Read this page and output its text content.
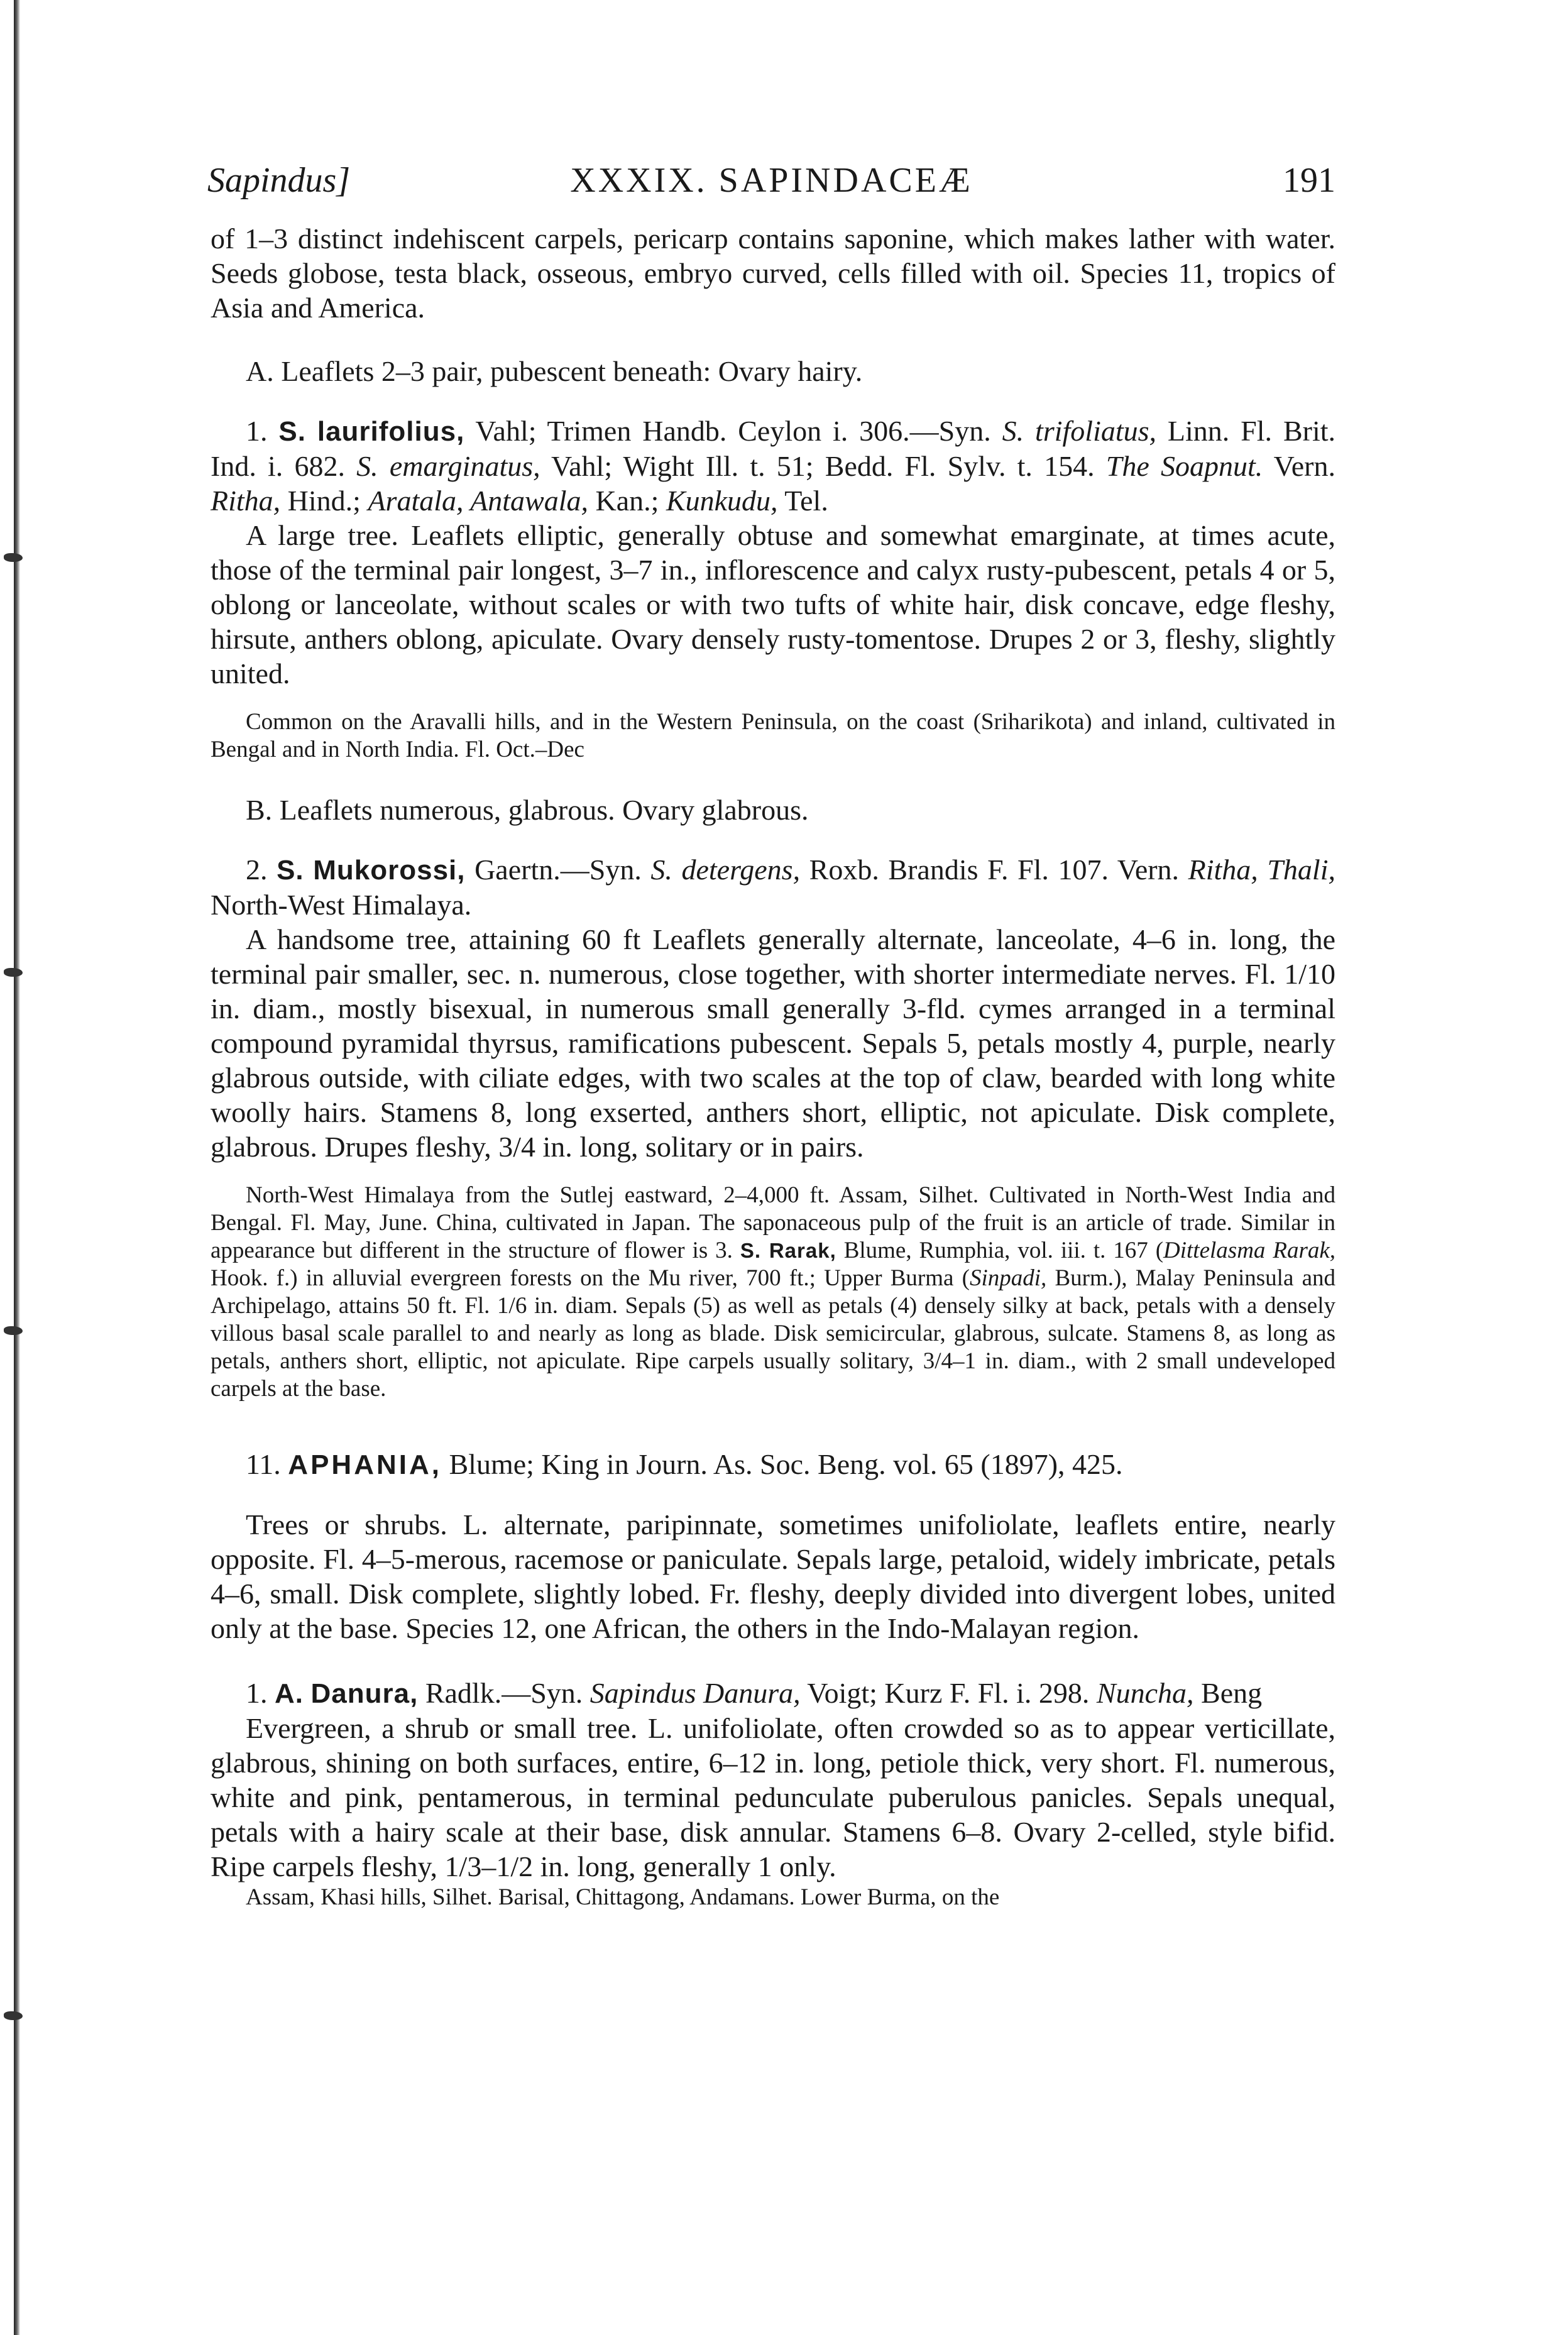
Sapindus]	XXXIX. SAPINDACEÆ	191

of 1–3 distinct indehiscent carpels, pericarp contains saponine, which makes lather with water. Seeds globose, testa black, osseous, embryo curved, cells filled with oil. Species 11, tropics of Asia and America.

A. Leaflets 2–3 pair, pubescent beneath: Ovary hairy.

1. S. laurifolius, Vahl; Trimen Handb. Ceylon i. 306.—Syn. S. trifoliatus, Linn. Fl. Brit. Ind. i. 682. S. emarginatus, Vahl; Wight Ill. t. 51; Bedd. Fl. Sylv. t. 154. The Soapnut. Vern. Ritha, Hind.; Aratala, Antawala, Kan.; Kunkudu, Tel.

A large tree. Leaflets elliptic, generally obtuse and somewhat emarginate, at times acute, those of the terminal pair longest, 3–7 in., inflorescence and calyx rusty-pubescent, petals 4 or 5, oblong or lanceolate, without scales or with two tufts of white hair, disk concave, edge fleshy, hirsute, anthers oblong, apiculate. Ovary densely rusty-tomentose. Drupes 2 or 3, fleshy, slightly united.

Common on the Aravalli hills, and in the Western Peninsula, on the coast (Sriharikota) and inland, cultivated in Bengal and in North India. Fl. Oct.–Dec

B. Leaflets numerous, glabrous. Ovary glabrous.

2. S. Mukorossi, Gaertn.—Syn. S. detergens, Roxb. Brandis F. Fl. 107. Vern. Ritha, Thali, North-West Himalaya.

A handsome tree, attaining 60 ft Leaflets generally alternate, lanceolate, 4–6 in. long, the terminal pair smaller, sec. n. numerous, close together, with shorter intermediate nerves. Fl. 1/10 in. diam., mostly bisexual, in numerous small generally 3-fld. cymes arranged in a terminal compound pyramidal thyrsus, ramifications pubescent. Sepals 5, petals mostly 4, purple, nearly glabrous outside, with ciliate edges, with two scales at the top of claw, bearded with long white woolly hairs. Stamens 8, long exserted, anthers short, elliptic, not apiculate. Disk complete, glabrous. Drupes fleshy, 3/4 in. long, solitary or in pairs.

North-West Himalaya from the Sutlej eastward, 2–4,000 ft. Assam, Silhet. Cultivated in North-West India and Bengal. Fl. May, June. China, cultivated in Japan. The saponaceous pulp of the fruit is an article of trade. Similar in appearance but different in the structure of flower is 3. S. Rarak, Blume, Rumphia, vol. iii. t. 167 (Dittelasma Rarak, Hook. f.) in alluvial evergreen forests on the Mu river, 700 ft.; Upper Burma (Sinpadi, Burm.), Malay Peninsula and Archipelago, attains 50 ft. Fl. 1/6 in. diam. Sepals (5) as well as petals (4) densely silky at back, petals with a densely villous basal scale parallel to and nearly as long as blade. Disk semicircular, glabrous, sulcate. Stamens 8, as long as petals, anthers short, elliptic, not apiculate. Ripe carpels usually solitary, 3/4–1 in. diam., with 2 small undeveloped carpels at the base.

11. APHANIA, Blume; King in Journ. As. Soc. Beng. vol. 65 (1897), 425.

Trees or shrubs. L. alternate, paripinnate, sometimes unifoliolate, leaflets entire, nearly opposite. Fl. 4–5-merous, racemose or paniculate. Sepals large, petaloid, widely imbricate, petals 4–6, small. Disk complete, slightly lobed. Fr. fleshy, deeply divided into divergent lobes, united only at the base. Species 12, one African, the others in the Indo-Malayan region.

1. A. Danura, Radlk.—Syn. Sapindus Danura, Voigt; Kurz F. Fl. i. 298. Nuncha, Beng

Evergreen, a shrub or small tree. L. unifoliolate, often crowded so as to appear verticillate, glabrous, shining on both surfaces, entire, 6–12 in. long, petiole thick, very short. Fl. numerous, white and pink, pentamerous, in terminal pedunculate puberulous panicles. Sepals unequal, petals with a hairy scale at their base, disk annular. Stamens 6–8. Ovary 2-celled, style bifid. Ripe carpels fleshy, 1/3–1/2 in. long, generally 1 only.

Assam, Khasi hills, Silhet. Barisal, Chittagong, Andamans. Lower Burma, on the
